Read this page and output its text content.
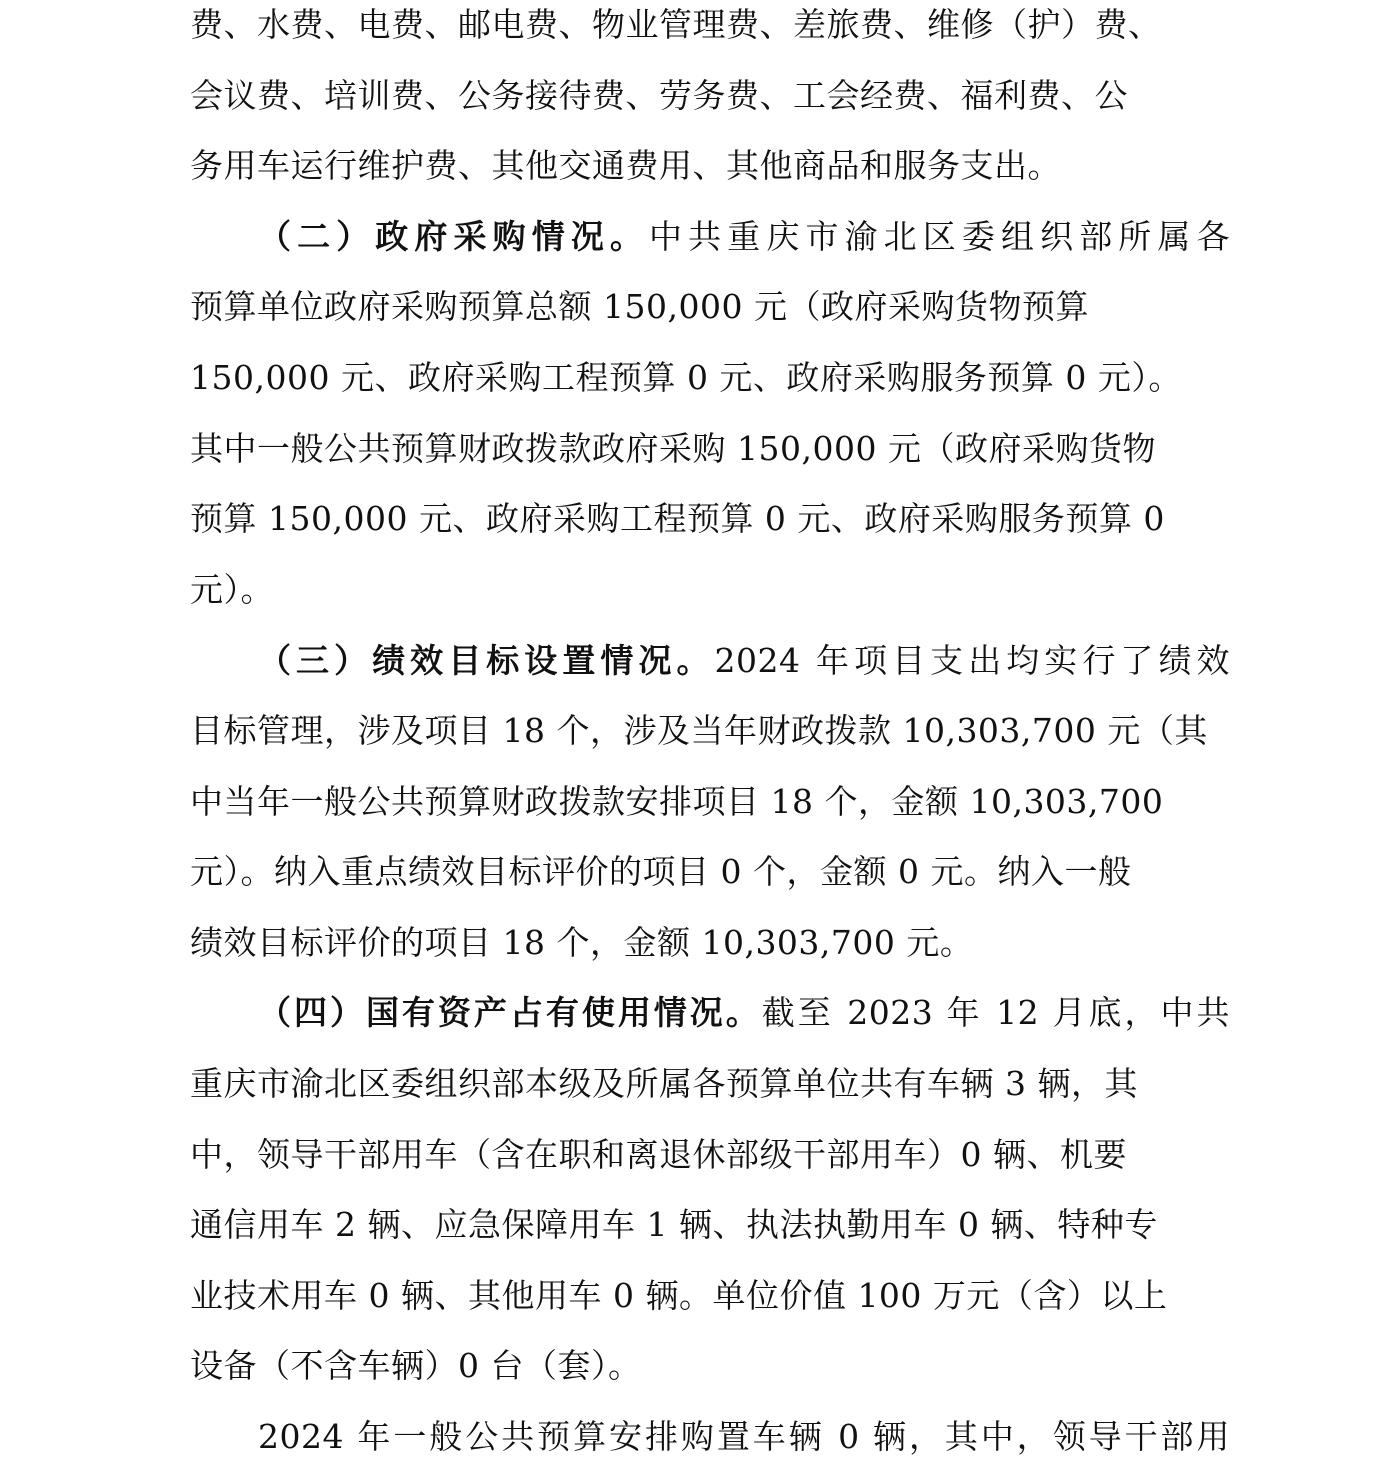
费、水费、电费、邮电费、物业管理费、差旅费、维修（护）费、
会议费、培训费、公务接待费、劳务费、工会经费、福利费、公
务用车运行维护费、其他交通费用、其他商品和服务支出。
（二）政府采购情况。中共重庆市渝北区委组织部所属各
预算单位政府采购预算总额 150,000 元（政府采购货物预算
150,000 元、政府采购工程预算 0 元、政府采购服务预算 0 元）。
其中一般公共预算财政拨款政府采购 150,000 元（政府采购货物
预算 150,000 元、政府采购工程预算 0 元、政府采购服务预算 0
元）。
（三）绩效目标设置情况。2024 年项目支出均实行了绩效
目标管理，涉及项目 18 个，涉及当年财政拨款 10,303,700 元（其
中当年一般公共预算财政拨款安排项目 18 个，金额 10,303,700
元）。纳入重点绩效目标评价的项目 0 个，金额 0 元。纳入一般
绩效目标评价的项目 18 个，金额 10,303,700 元。
（四）国有资产占有使用情况。截至 2023 年 12 月底，中共
重庆市渝北区委组织部本级及所属各预算单位共有车辆 3 辆，其
中，领导干部用车（含在职和离退休部级干部用车）0 辆、机要
通信用车 2 辆、应急保障用车 1 辆、执法执勤用车 0 辆、特种专
业技术用车 0 辆、其他用车 0 辆。单位价值 100 万元（含）以上
设备（不含车辆）0 台（套）。
2024 年一般公共预算安排购置车辆 0 辆，其中，领导干部用
